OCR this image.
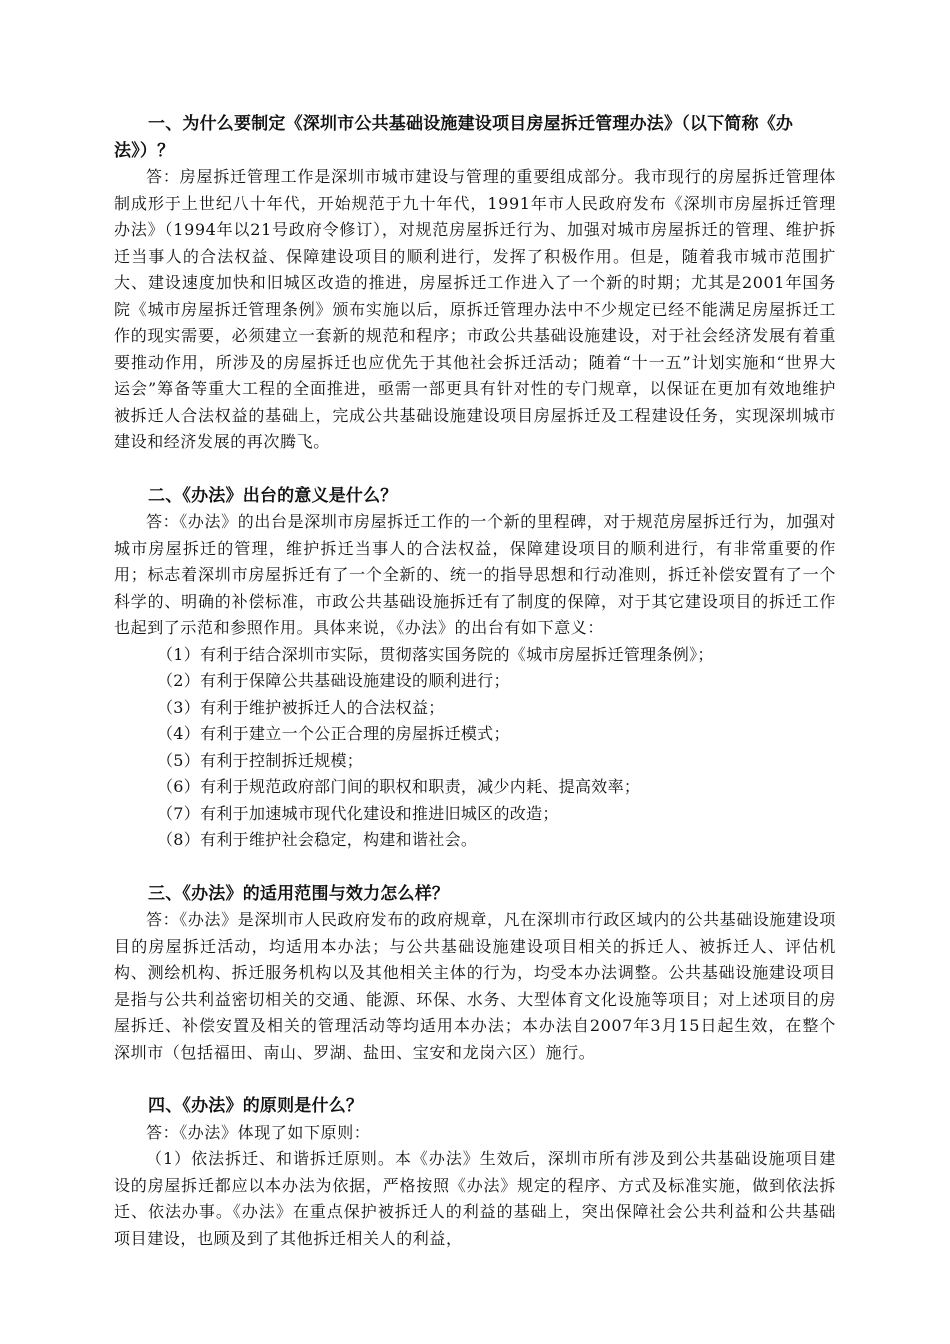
一、为什么要制定《深圳市公共基础设施建设项目房屋拆迁管理办法》（以下简称《办法》）？

答：房屋拆迁管理工作是深圳市城市建设与管理的重要组成部分。我市现行的房屋拆迁管理体制成形于上世纪八十年代，开始规范于九十年代，1991年市人民政府发布《深圳市房屋拆迁管理办法》（1994年以21号政府令修订），对规范房屋拆迁行为、加强对城市房屋拆迁的管理、维护拆迁当事人的合法权益、保障建设项目的顺利进行，发挥了积极作用。但是，随着我市城市范围扩大、建设速度加快和旧城区改造的推进，房屋拆迁工作进入了一个新的时期；尤其是2001年国务院《城市房屋拆迁管理条例》颁布实施以后，原拆迁管理办法中不少规定已经不能满足房屋拆迁工作的现实需要，必须建立一套新的规范和程序；市政公共基础设施建设，对于社会经济发展有着重要推动作用，所涉及的房屋拆迁也应优先于其他社会拆迁活动；随着“十一五”计划实施和“世界大运会”筹备等重大工程的全面推进，亟需一部更具有针对性的专门规章，以保证在更加有效地维护被拆迁人合法权益的基础上，完成公共基础设施建设项目房屋拆迁及工程建设任务，实现深圳城市建设和经济发展的再次腾飞。

二、《办法》出台的意义是什么？

答：《办法》的出台是深圳市房屋拆迁工作的一个新的里程碑，对于规范房屋拆迁行为，加强对城市房屋拆迁的管理，维护拆迁当事人的合法权益，保障建设项目的顺利进行，有非常重要的作用；标志着深圳市房屋拆迁有了一个全新的、统一的指导思想和行动准则，拆迁补偿安置有了一个科学的、明确的补偿标准，市政公共基础设施拆迁有了制度的保障，对于其它建设项目的拆迁工作也起到了示范和参照作用。具体来说，《办法》的出台有如下意义：

（1）有利于结合深圳市实际，贯彻落实国务院的《城市房屋拆迁管理条例》；
（2）有利于保障公共基础设施建设的顺利进行；
（3）有利于维护被拆迁人的合法权益；
（4）有利于建立一个公正合理的房屋拆迁模式；
（5）有利于控制拆迁规模；
（6）有利于规范政府部门间的职权和职责，减少内耗、提高效率；
（7）有利于加速城市现代化建设和推进旧城区的改造；
（8）有利于维护社会稳定，构建和谐社会。

三、《办法》的适用范围与效力怎么样？

答：《办法》是深圳市人民政府发布的政府规章，凡在深圳市行政区域内的公共基础设施建设项目的房屋拆迁活动，均适用本办法；与公共基础设施建设项目相关的拆迁人、被拆迁人、评估机构、测绘机构、拆迁服务机构以及其他相关主体的行为，均受本办法调整。公共基础设施建设项目是指与公共利益密切相关的交通、能源、环保、水务、大型体育文化设施等项目；对上述项目的房屋拆迁、补偿安置及相关的管理活动等均适用本办法；本办法自2007年3月15日起生效，在整个深圳市（包括福田、南山、罗湖、盐田、宝安和龙岗六区）施行。

四、《办法》的原则是什么？

答：《办法》体现了如下原则：

（1）依法拆迁、和谐拆迁原则。本《办法》生效后，深圳市所有涉及到公共基础设施项目建设的房屋拆迁都应以本办法为依据，严格按照《办法》规定的程序、方式及标准实施，做到依法拆迁、依法办事。《办法》在重点保护被拆迁人的利益的基础上，突出保障社会公共利益和公共基础项目建设，也顾及到了其他拆迁相关人的利益，
